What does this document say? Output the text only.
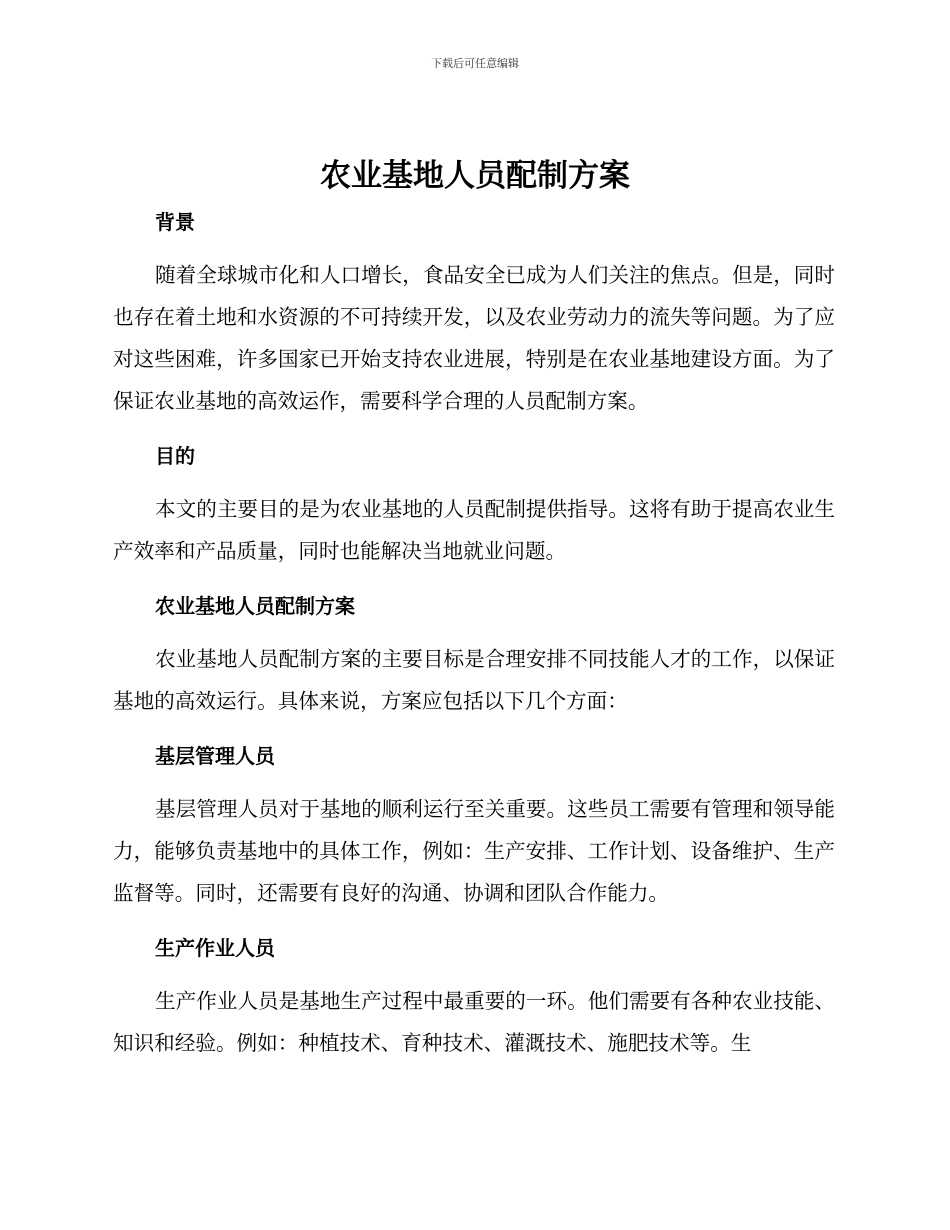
下载后可任意编辑
农业基地人员配制方案
背景

随着全球城市化和人口增长，食品安全已成为人们关注的焦点。但是，同时也存在着土地和水资源的不可持续开发，以及农业劳动力的流失等问题。为了应对这些困难，许多国家已开始支持农业进展，特别是在农业基地建设方面。为了保证农业基地的高效运作，需要科学合理的人员配制方案。

目的

本文的主要目的是为农业基地的人员配制提供指导。这将有助于提高农业生产效率和产品质量，同时也能解决当地就业问题。

农业基地人员配制方案

农业基地人员配制方案的主要目标是合理安排不同技能人才的工作，以保证基地的高效运行。具体来说，方案应包括以下几个方面：

基层管理人员

基层管理人员对于基地的顺利运行至关重要。这些员工需要有管理和领导能力，能够负责基地中的具体工作，例如：生产安排、工作计划、设备维护、生产监督等。同时，还需要有良好的沟通、协调和团队合作能力。

生产作业人员

生产作业人员是基地生产过程中最重要的一环。他们需要有各种农业技能、知识和经验。例如：种植技术、育种技术、灌溉技术、施肥技术等。生
